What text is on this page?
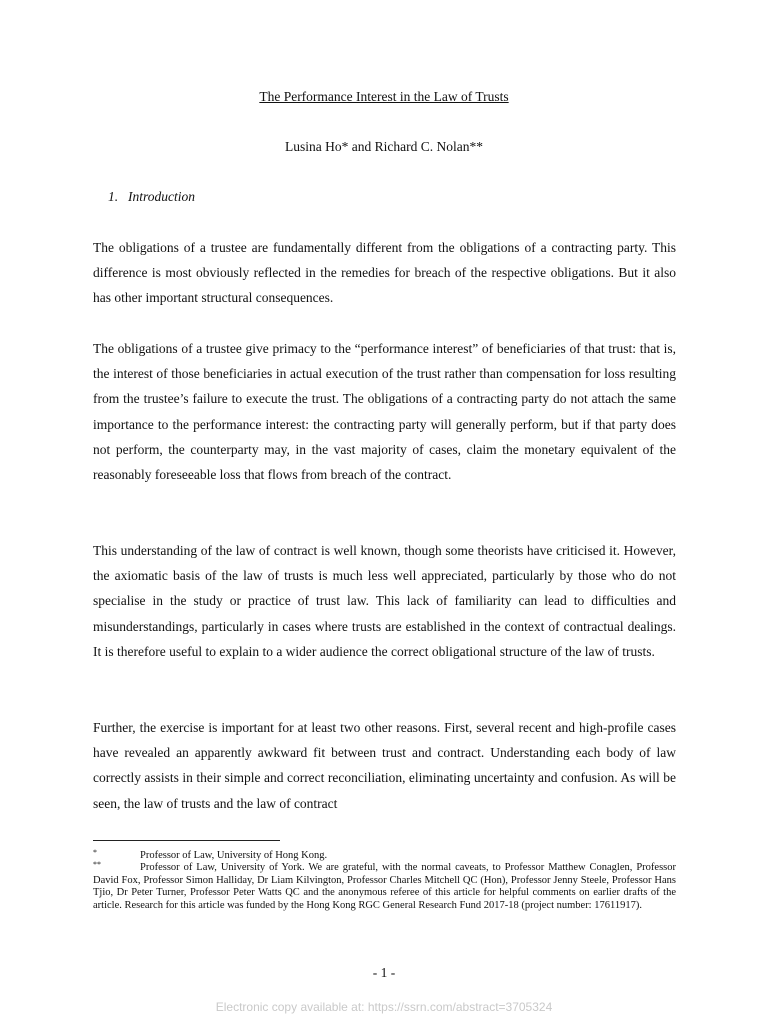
The Performance Interest in the Law of Trusts
Lusina Ho* and Richard C. Nolan**
1. Introduction
The obligations of a trustee are fundamentally different from the obligations of a contracting party. This difference is most obviously reflected in the remedies for breach of the respective obligations. But it also has other important structural consequences.
The obligations of a trustee give primacy to the “performance interest” of beneficiaries of that trust: that is, the interest of those beneficiaries in actual execution of the trust rather than compensation for loss resulting from the trustee’s failure to execute the trust. The obligations of a contracting party do not attach the same importance to the performance interest: the contracting party will generally perform, but if that party does not perform, the counterparty may, in the vast majority of cases, claim the monetary equivalent of the reasonably foreseeable loss that flows from breach of the contract.
This understanding of the law of contract is well known, though some theorists have criticised it. However, the axiomatic basis of the law of trusts is much less well appreciated, particularly by those who do not specialise in the study or practice of trust law. This lack of familiarity can lead to difficulties and misunderstandings, particularly in cases where trusts are established in the context of contractual dealings. It is therefore useful to explain to a wider audience the correct obligational structure of the law of trusts.
Further, the exercise is important for at least two other reasons. First, several recent and high-profile cases have revealed an apparently awkward fit between trust and contract. Understanding each body of law correctly assists in their simple and correct reconciliation, eliminating uncertainty and confusion. As will be seen, the law of trusts and the law of contract
*	Professor of Law, University of Hong Kong.
**	Professor of Law, University of York. We are grateful, with the normal caveats, to Professor Matthew Conaglen, Professor David Fox, Professor Simon Halliday, Dr Liam Kilvington, Professor Charles Mitchell QC (Hon), Professor Jenny Steele, Professor Hans Tjio, Dr Peter Turner, Professor Peter Watts QC and the anonymous referee of this article for helpful comments on earlier drafts of the article. Research for this article was funded by the Hong Kong RGC General Research Fund 2017-18 (project number: 17611917).
- 1 -
Electronic copy available at: https://ssrn.com/abstract=3705324
